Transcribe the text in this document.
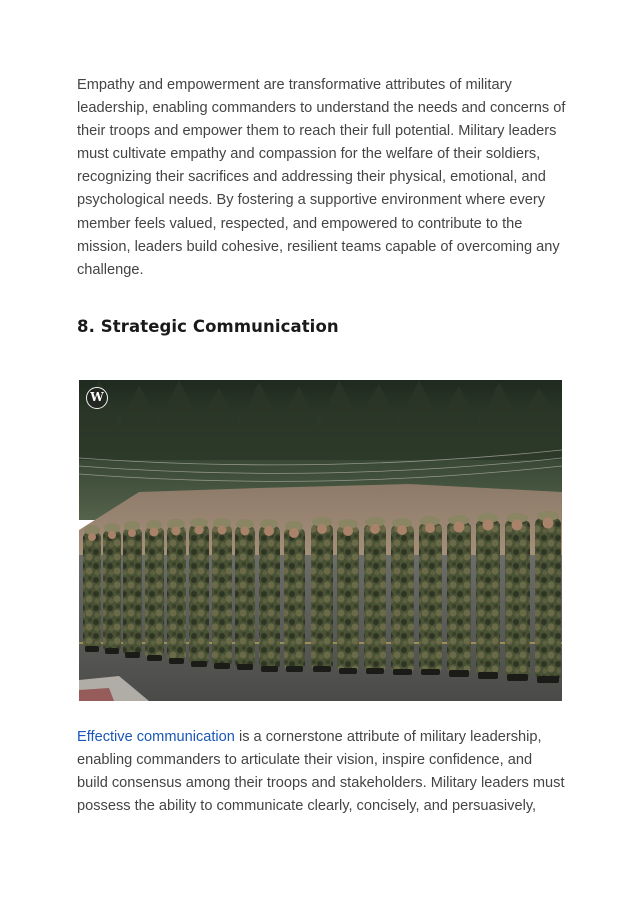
Empathy and empowerment are transformative attributes of military leadership, enabling commanders to understand the needs and concerns of their troops and empower them to reach their full potential. Military leaders must cultivate empathy and compassion for the welfare of their soldiers, recognizing their sacrifices and addressing their physical, emotional, and psychological needs. By fostering a supportive environment where every member feels valued, respected, and empowered to contribute to the mission, leaders build cohesive, resilient teams capable of overcoming any challenge.

8. Strategic Communication
W

Effective communication is a cornerstone attribute of military leadership, enabling commanders to articulate their vision, inspire confidence, and build consensus among their troops and stakeholders. Military leaders must possess the ability to communicate clearly, concisely, and persuasively,
